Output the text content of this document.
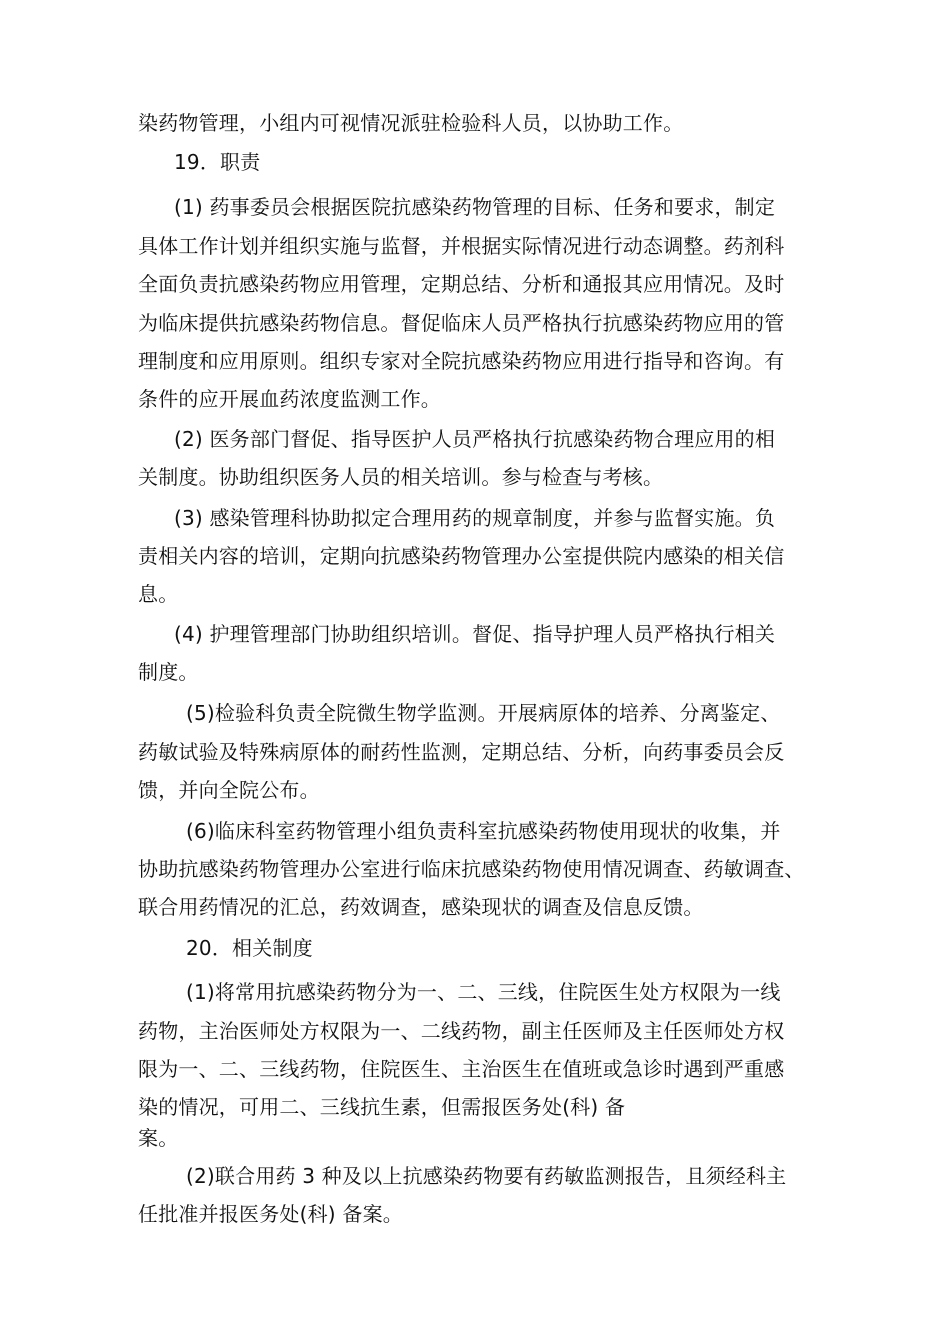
染药物管理，小组内可视情况派驻检验科人员，以协助工作。
19．职责
(1) 药事委员会根据医院抗感染药物管理的目标、任务和要求，制定
具体工作计划并组织实施与监督，并根据实际情况进行动态调整。药剂科
全面负责抗感染药物应用管理，定期总结、分析和通报其应用情况。及时
为临床提供抗感染药物信息。督促临床人员严格执行抗感染药物应用的管
理制度和应用原则。组织专家对全院抗感染药物应用进行指导和咨询。有
条件的应开展血药浓度监测工作。
(2) 医务部门督促、指导医护人员严格执行抗感染药物合理应用的相
关制度。协助组织医务人员的相关培训。参与检查与考核。
(3) 感染管理科协助拟定合理用药的规章制度，并参与监督实施。负
责相关内容的培训，定期向抗感染药物管理办公室提供院内感染的相关信
息。
(4) 护理管理部门协助组织培训。督促、指导护理人员严格执行相关
制度。
(5)检验科负责全院微生物学监测。开展病原体的培养、分离鉴定、
药敏试验及特殊病原体的耐药性监测，定期总结、分析，向药事委员会反
馈，并向全院公布。
(6)临床科室药物管理小组负责科室抗感染药物使用现状的收集，并
协助抗感染药物管理办公室进行临床抗感染药物使用情况调查、药敏调查、
联合用药情况的汇总，药效调查，感染现状的调查及信息反馈。
20．相关制度
(1)将常用抗感染药物分为一、二、三线，住院医生处方权限为一线
药物，主治医师处方权限为一、二线药物，副主任医师及主任医师处方权
限为一、二、三线药物，住院医生、主治医生在值班或急诊时遇到严重感
染的情况，可用二、三线抗生素，但需报医务处(科) 备
案。
(2)联合用药 3 种及以上抗感染药物要有药敏监测报告，且须经科主
任批准并报医务处(科) 备案。
